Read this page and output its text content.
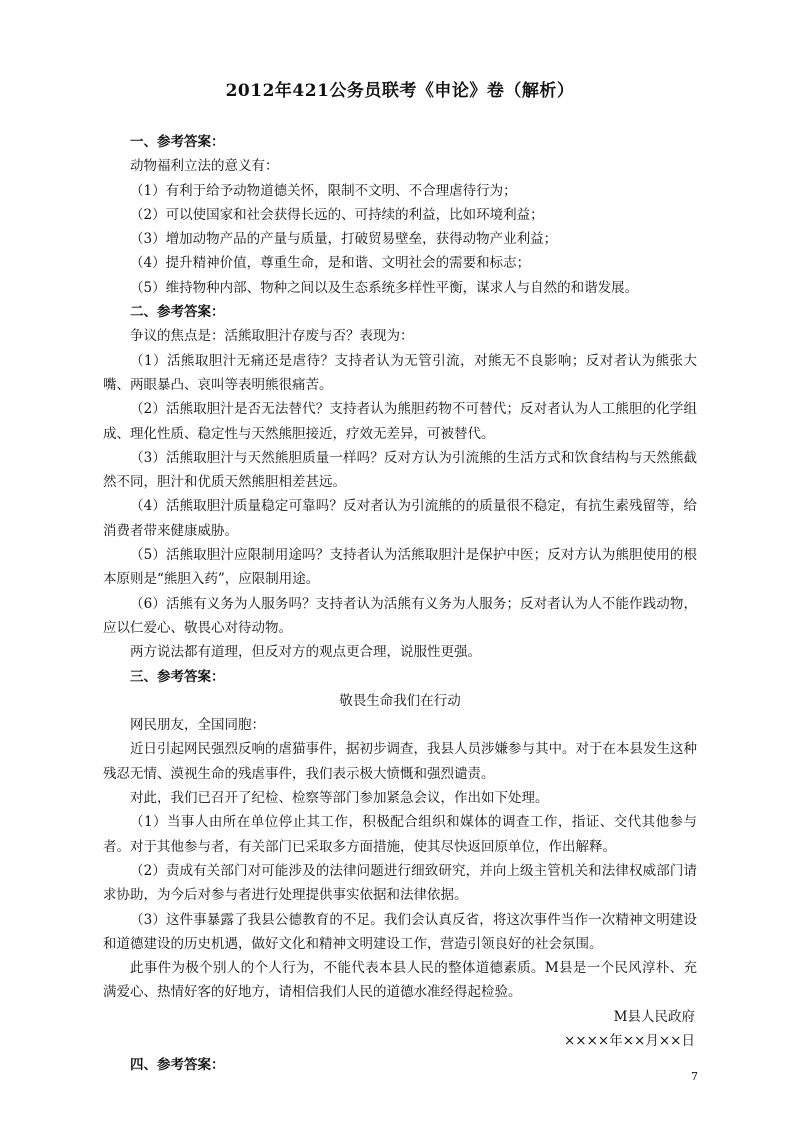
2012年421公务员联考《申论》卷（解析）
一、参考答案：

动物福利立法的意义有：

（1）有利于给予动物道德关怀，限制不文明、不合理虐待行为；

（2）可以使国家和社会获得长远的、可持续的利益，比如环境利益；

（3）增加动物产品的产量与质量，打破贸易壁垒，获得动物产业利益；

（4）提升精神价值，尊重生命，是和谐、文明社会的需要和标志；

（5）维持物种内部、物种之间以及生态系统多样性平衡，谋求人与自然的和谐发展。

二、参考答案：

争议的焦点是：活熊取胆汁存废与否？表现为：

（1）活熊取胆汁无痛还是虐待？支持者认为无管引流，对熊无不良影响；反对者认为熊张大嘴、两眼暴凸、哀叫等表明熊很痛苦。

（2）活熊取胆汁是否无法替代？支持者认为熊胆药物不可替代；反对者认为人工熊胆的化学组成、理化性质、稳定性与天然熊胆接近，疗效无差异，可被替代。

（3）活熊取胆汁与天然熊胆质量一样吗？反对方认为引流熊的生活方式和饮食结构与天然熊截然不同，胆汁和优质天然熊胆相差甚远。

（4）活熊取胆汁质量稳定可靠吗？反对者认为引流熊的的质量很不稳定，有抗生素残留等，给消费者带来健康威胁。

（5）活熊取胆汁应限制用途吗？支持者认为活熊取胆汁是保护中医；反对方认为熊胆使用的根本原则是“熊胆入药”，应限制用途。

（6）活熊有义务为人服务吗？支持者认为活熊有义务为人服务；反对者认为人不能作践动物，应以仁爱心、敬畏心对待动物。

两方说法都有道理，但反对方的观点更合理，说服性更强。

三、参考答案：

敬畏生命我们在行动

网民朋友，全国同胞：

近日引起网民强烈反响的虐猫事件，据初步调查，我县人员涉嫌参与其中。对于在本县发生这种残忍无情、漠视生命的残虐事件，我们表示极大愤慨和强烈谴责。

对此，我们已召开了纪检、检察等部门参加紧急会议，作出如下处理。

（1）当事人由所在单位停止其工作，积极配合组织和媒体的调查工作，指证、交代其他参与者。对于其他参与者，有关部门已采取多方面措施，使其尽快返回原单位，作出解释。

（2）责成有关部门对可能涉及的法律问题进行细致研究，并向上级主管机关和法律权威部门请求协助，为今后对参与者进行处理提供事实依据和法律依据。

（3）这件事暴露了我县公德教育的不足。我们会认真反省，将这次事件当作一次精神文明建设和道德建设的历史机遇，做好文化和精神文明建设工作，营造引领良好的社会氛围。

此事件为极个别人的个人行为，不能代表本县人民的整体道德素质。M县是一个民风淳朴、充满爱心、热情好客的好地方，请相信我们人民的道德水准经得起检验。

M县人民政府

××××年××月××日

四、参考答案：
7
